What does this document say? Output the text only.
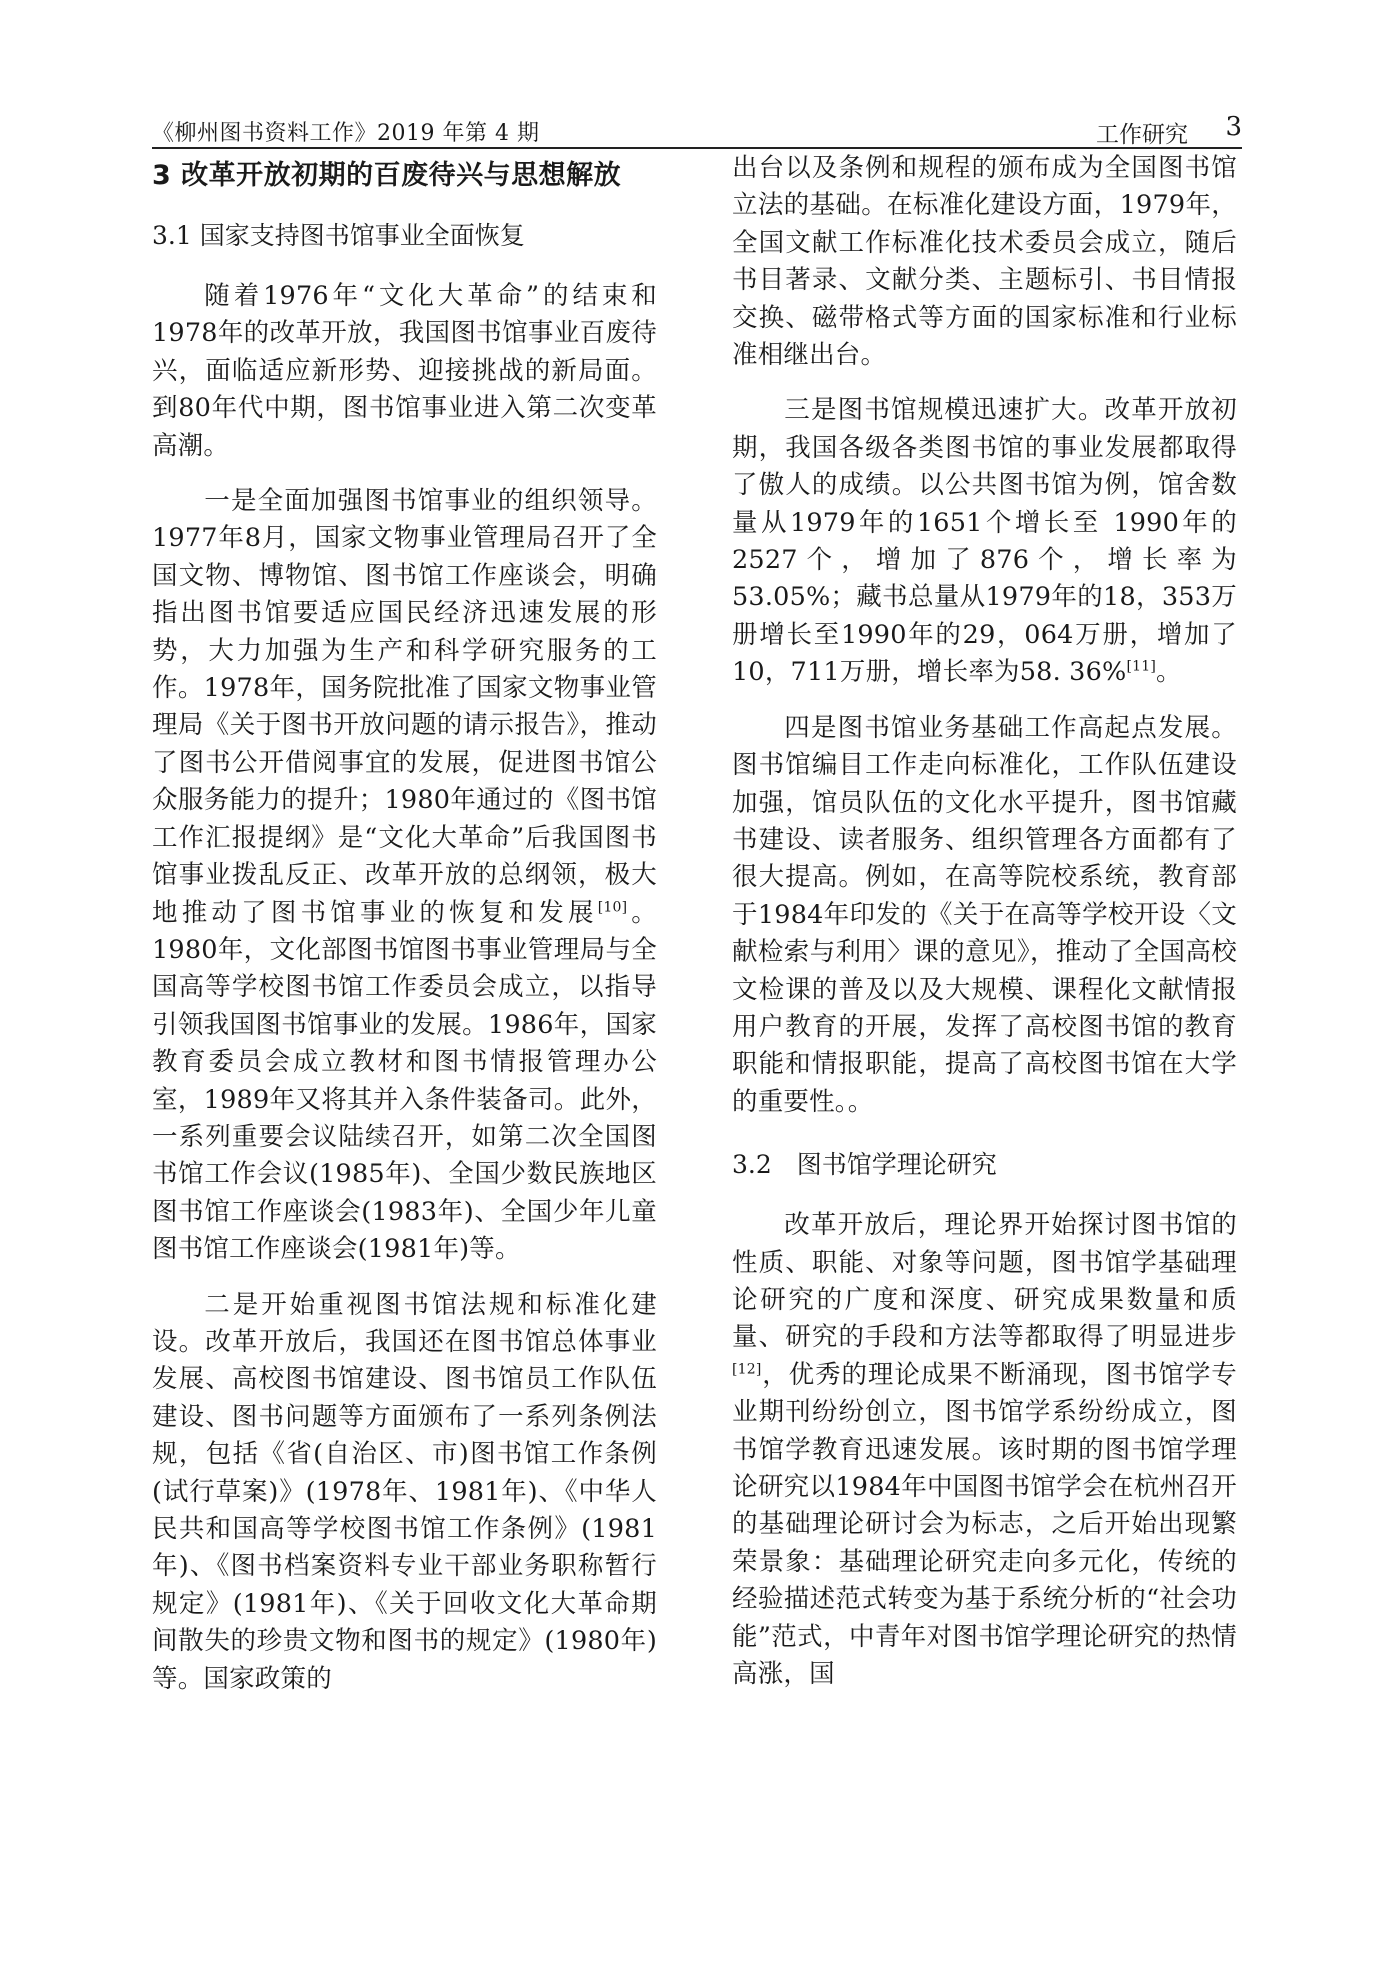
《柳州图书资料工作》2019 年第 4 期	工作研究 3
3 改革开放初期的百废待兴与思想解放
3.1 国家支持图书馆事业全面恢复

随着1976年“文化大革命”的结束和1978年的改革开放，我国图书馆事业百废待兴，面临适应新形势、迎接挑战的新局面。到80年代中期，图书馆事业进入第二次变革高潮。

一是全面加强图书馆事业的组织领导。1977年8月，国家文物事业管理局召开了全国文物、博物馆、图书馆工作座谈会，明确指出图书馆要适应国民经济迅速发展的形势，大力加强为生产和科学研究服务的工作。1978年，国务院批准了国家文物事业管理局《关于图书开放问题的请示报告》，推动了图书公开借阅事宜的发展，促进图书馆公众服务能力的提升；1980年通过的《图书馆工作汇报提纲》是“文化大革命”后我国图书馆事业拨乱反正、改革开放的总纲领，极大地推动了图书馆事业的恢复和发展[10]。1980年，文化部图书馆图书事业管理局与全国高等学校图书馆工作委员会成立，以指导引领我国图书馆事业的发展。1986年，国家教育委员会成立教材和图书情报管理办公室，1989年又将其并入条件装备司。此外，一系列重要会议陆续召开，如第二次全国图书馆工作会议(1985年)、全国少数民族地区图书馆工作座谈会(1983年)、全国少年儿童图书馆工作座谈会(1981年)等。

二是开始重视图书馆法规和标准化建设。改革开放后，我国还在图书馆总体事业发展、高校图书馆建设、图书馆员工作队伍建设、图书问题等方面颁布了一系列条例法规，包括《省(自治区、市)图书馆工作条例 (试行草案)》(1978年、1981年)、《中华人民共和国高等学校图书馆工作条例》(1981年)、《图书档案资料专业干部业务职称暂行规定》(1981年)、《关于回收文化大革命期间散失的珍贵文物和图书的规定》(1980年)等。国家政策的

出台以及条例和规程的颁布成为全国图书馆立法的基础。在标准化建设方面，1979年，全国文献工作标准化技术委员会成立，随后书目著录、文献分类、主题标引、书目情报交换、磁带格式等方面的国家标准和行业标准相继出台。

三是图书馆规模迅速扩大。改革开放初期，我国各级各类图书馆的事业发展都取得了傲人的成绩。以公共图书馆为例，馆舍数量从1979年的1651个增长至 1990年的2527个，增加了876个，增长率为 53.05%；藏书总量从1979年的18，353万册增长至1990年的29，064万册，增加了10，711万册，增长率为58. 36%[11]。

四是图书馆业务基础工作高起点发展。图书馆编目工作走向标准化，工作队伍建设加强，馆员队伍的文化水平提升，图书馆藏书建设、读者服务、组织管理各方面都有了很大提高。例如，在高等院校系统，教育部于1984年印发的《关于在高等学校开设〈文献检索与利用〉课的意见》，推动了全国高校文检课的普及以及大规模、课程化文献情报用户教育的开展，发挥了高校图书馆的教育职能和情报职能，提高了高校图书馆在大学的重要性。。

3.2　图书馆学理论研究

改革开放后，理论界开始探讨图书馆的性质、职能、对象等问题，图书馆学基础理论研究的广度和深度、研究成果数量和质量、研究的手段和方法等都取得了明显进步[12]，优秀的理论成果不断涌现，图书馆学专业期刊纷纷创立，图书馆学系纷纷成立，图书馆学教育迅速发展。该时期的图书馆学理论研究以1984年中国图书馆学会在杭州召开的基础理论研讨会为标志，之后开始出现繁荣景象：基础理论研究走向多元化，传统的经验描述范式转变为基于系统分析的“社会功能”范式，中青年对图书馆学理论研究的热情高涨，国
